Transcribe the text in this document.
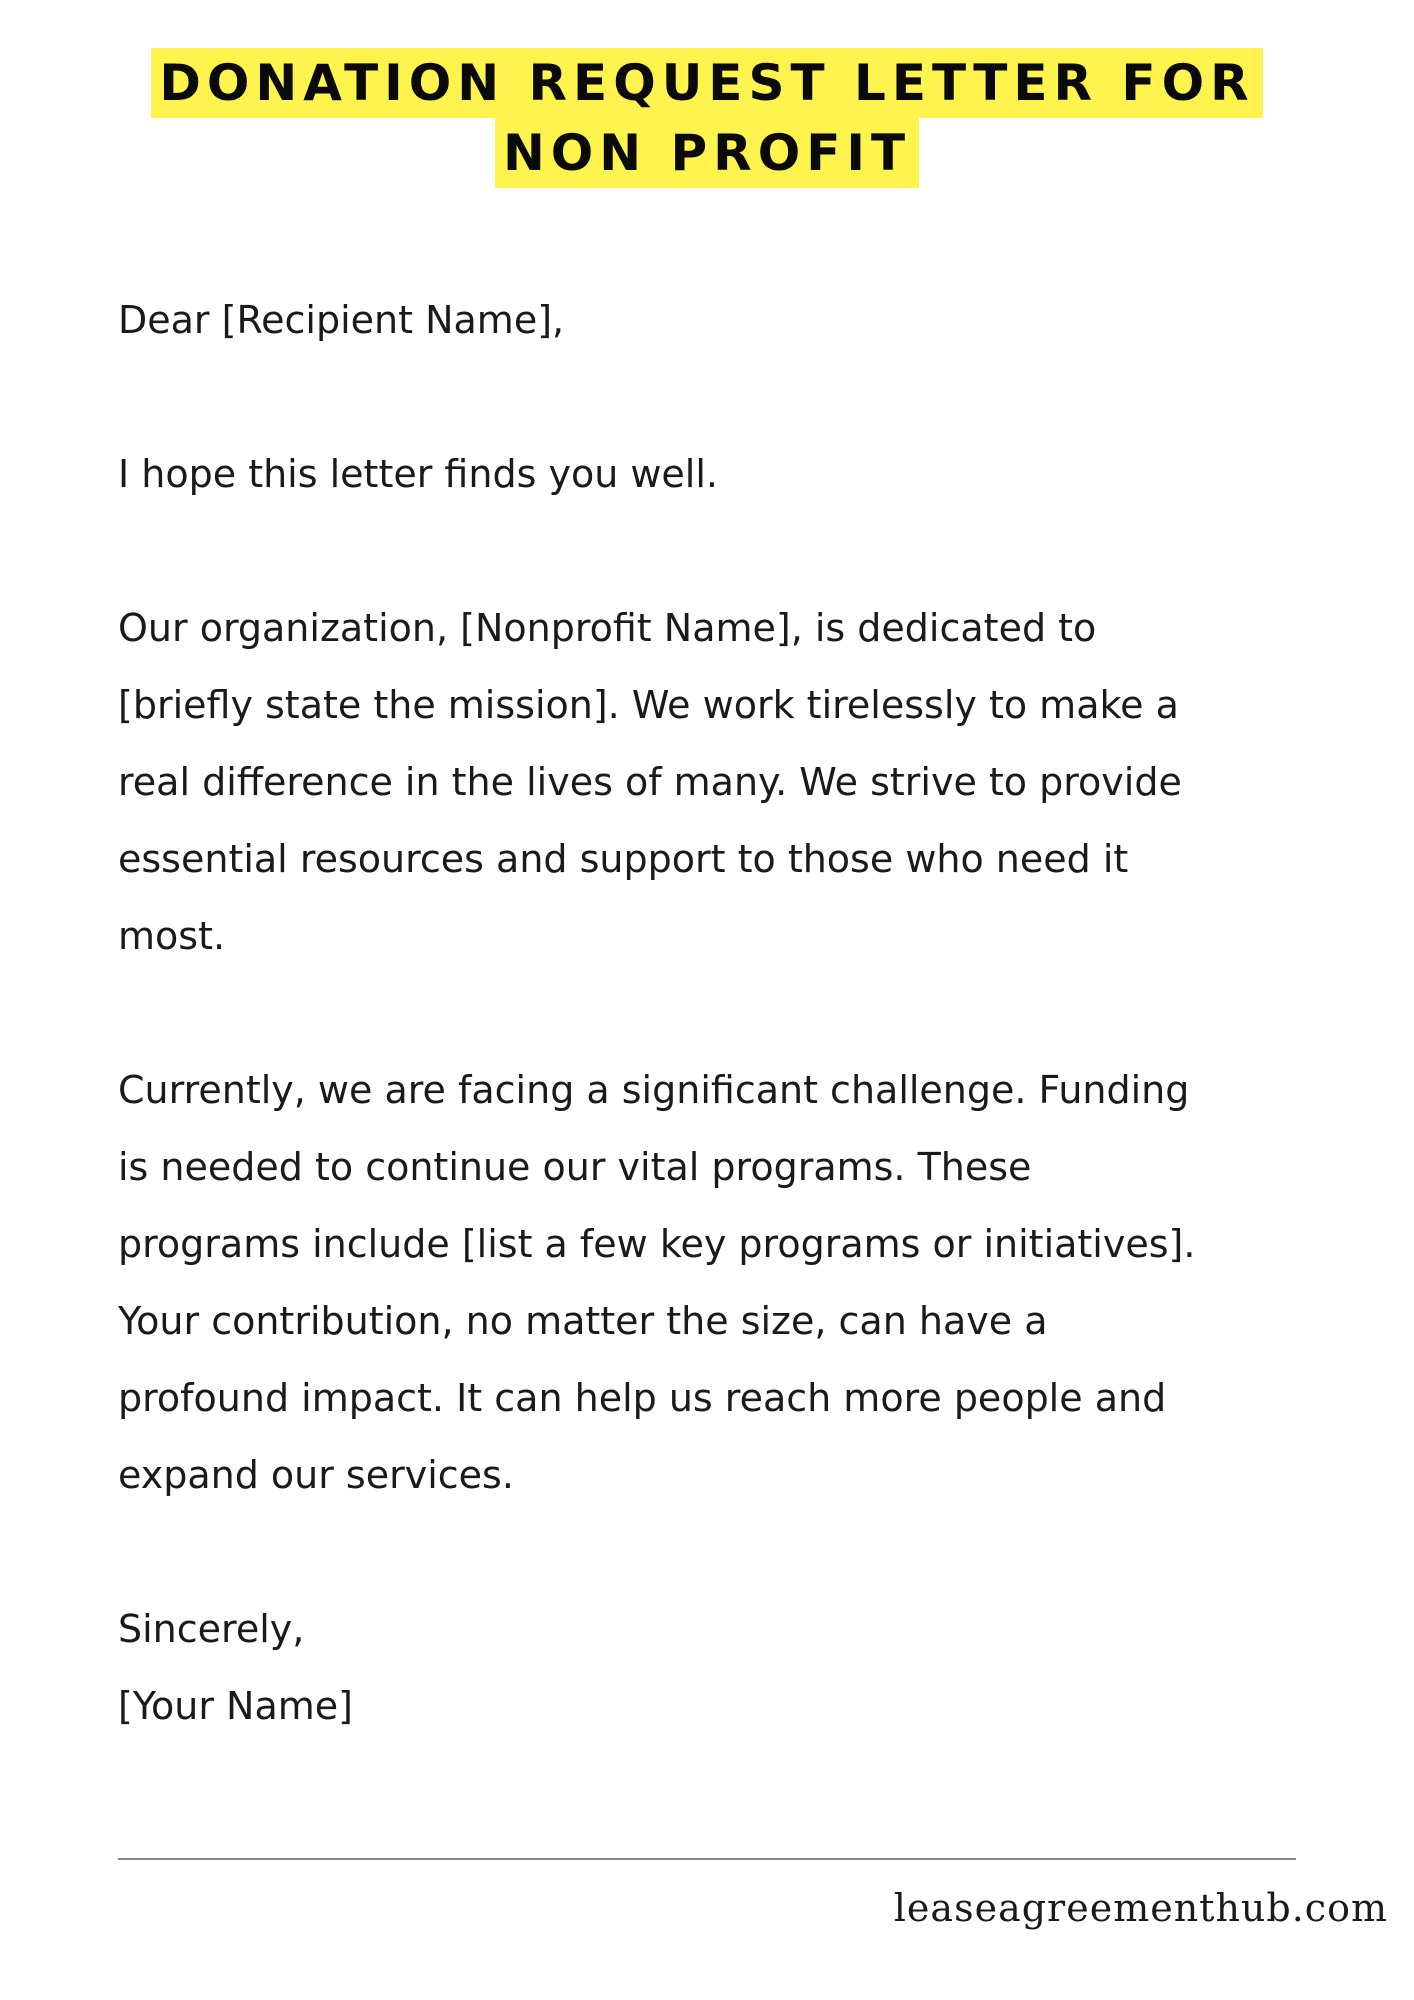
DONATION REQUEST LETTER FOR
NON PROFIT

Dear [Recipient Name],

I hope this letter finds you well.

Our organization, [Nonprofit Name], is dedicated to
[briefly state the mission]. We work tirelessly to make a
real difference in the lives of many. We strive to provide
essential resources and support to those who need it
most.

Currently, we are facing a significant challenge. Funding
is needed to continue our vital programs. These
programs include [list a few key programs or initiatives].
Your contribution, no matter the size, can have a
profound impact. It can help us reach more people and
expand our services.

Sincerely,

[Your Name]

leaseagreementhub.com
